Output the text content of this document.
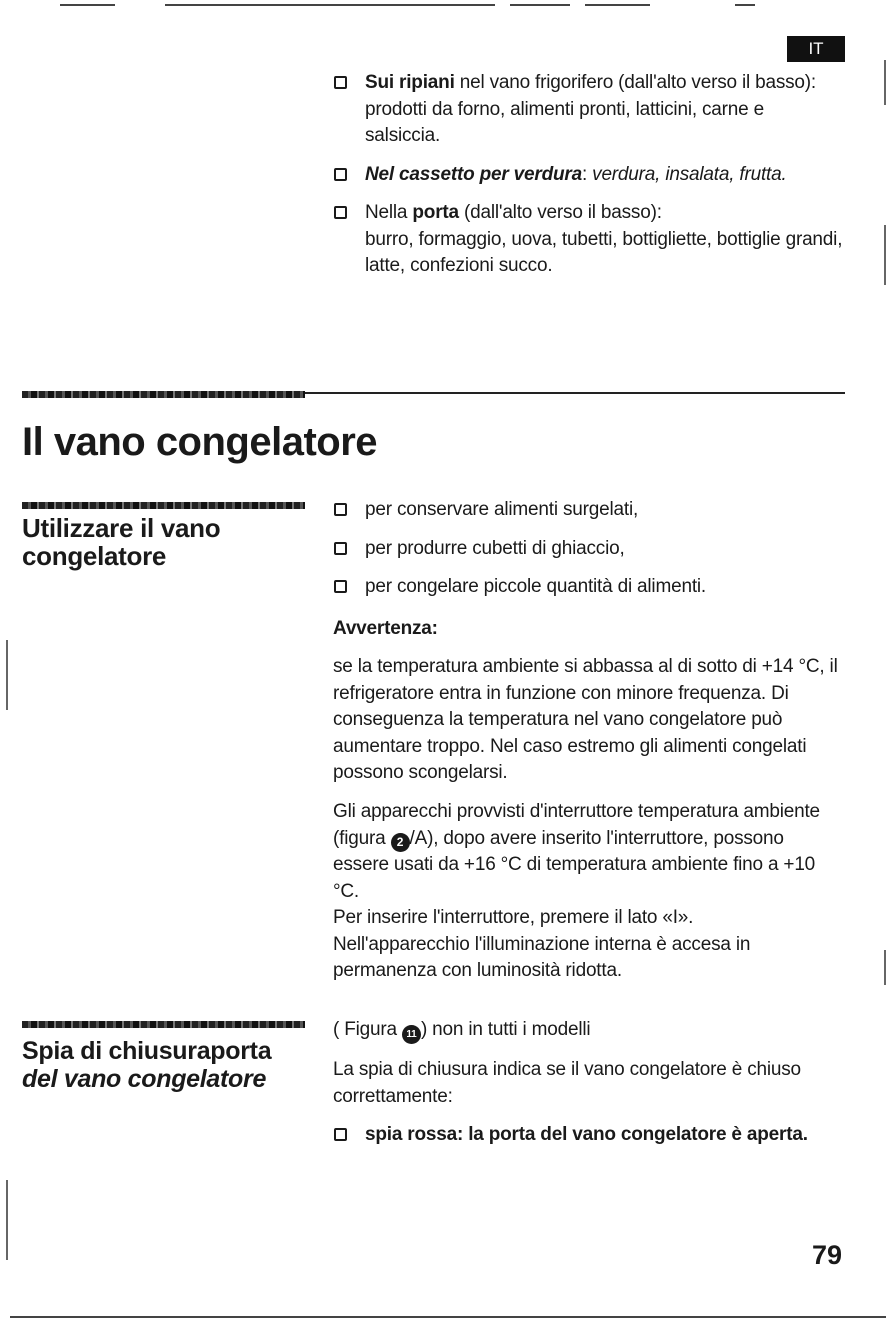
IT
Sui ripiani nel vano frigorifero (dall'alto verso il basso):
prodotti da forno, alimenti pronti, latticini, carne e salsiccia.
Nel cassetto per verdura: verdura, insalata, frutta.
Nella porta (dall'alto verso il basso):
burro, formaggio, uova, tubetti, bottigliette, bottiglie grandi, latte, confezioni succo.
Il vano congelatore
Utilizzare il vano
congelatore
per conservare alimenti surgelati,
per produrre cubetti di ghiaccio,
per congelare piccole quantità di alimenti.

Avvertenza:

se la temperatura ambiente si abbassa al di sotto di +14 °C, il refrigeratore entra in funzione con minore frequenza. Di conseguenza la temperatura nel vano congelatore può aumentare troppo. Nel caso estremo gli alimenti congelati possono scongelarsi.

Gli apparecchi provvisti d'interruttore temperatura ambiente (figura 2 /A), dopo avere inserito l'interruttore, possono essere usati da +16 °C di temperatura ambiente fino a +10 °C.
Per inserire l'interruttore, premere il lato «I».
Nell'apparecchio l'illuminazione interna è accesa in permanenza con luminosità ridotta.
Spia di chiusuraporta
del vano congelatore

( Figura 11 ) non in tutti i modelli

La spia di chiusura indica se il vano congelatore è chiuso correttamente:

spia rossa: la porta del vano congelatore è aperta.
79
